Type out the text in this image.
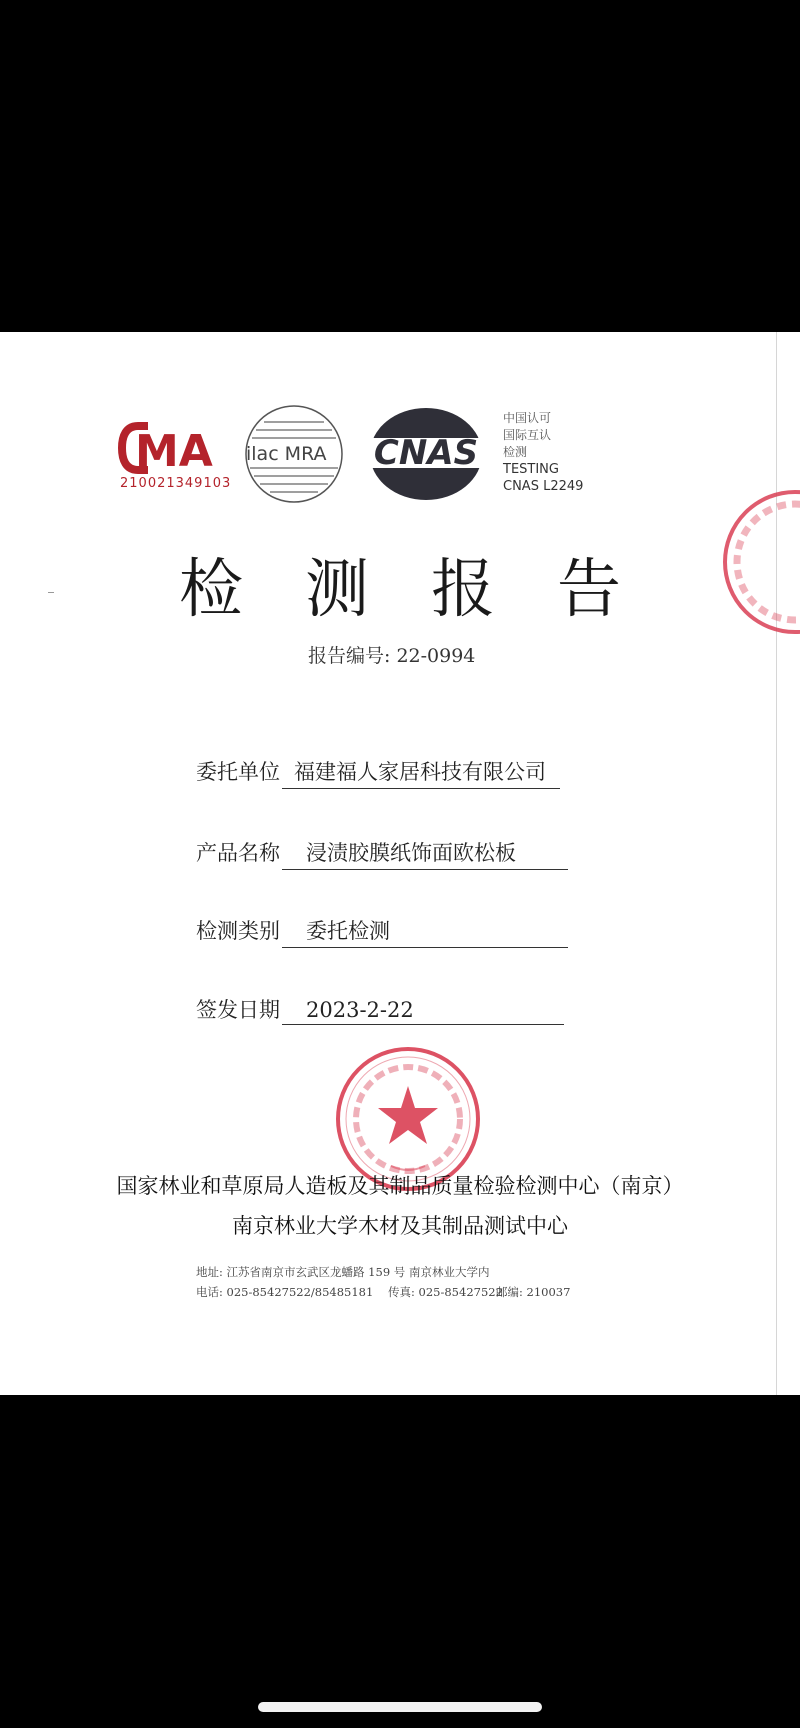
MA
210021349103
ilac MRA CNAS
中国认可
国际互认
检测
TESTING
CNAS L2249
检 测 报 告
报告编号: 22-0994
委托单位 福建福人家居科技有限公司
产品名称 浸渍胶膜纸饰面欧松板
检测类别 委托检测
签发日期 2023-2-22
国家林业和草原局人造板及其制品质量检验检测中心（南京）
南京林业大学木材及其制品测试中心
地址: 江苏省南京市玄武区龙蟠路 159 号 南京林业大学内
电话: 025-85427522/85485181 传真: 025-85427522邮编: 210037
